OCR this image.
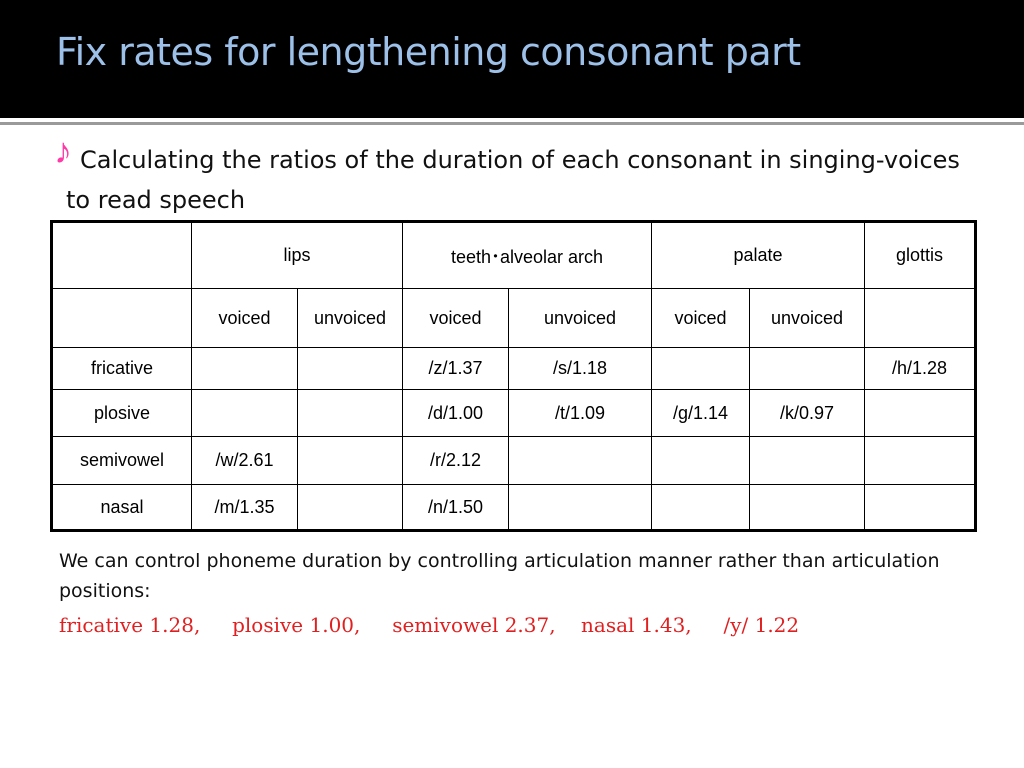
Fix rates for lengthening consonant part
♪ Calculating the ratios of the duration of each consonant in singing-voices to read speech
	lips		teeth･alveolar arch		palate		glottis
	voiced	unvoiced	voiced	unvoiced	voiced	unvoiced	
fricative			/z/1.37	/s/1.18			/h/1.28
plosive			/d/1.00	/t/1.09	/g/1.14	/k/0.97	
semivowel	/w/2.61		/r/2.12				
nasal	/m/1.35		/n/1.50				
We can control phoneme duration by controlling articulation manner rather than articulation positions:
fricative 1.28, plosive 1.00, semivowel 2.37, nasal 1.43, /y/ 1.22
